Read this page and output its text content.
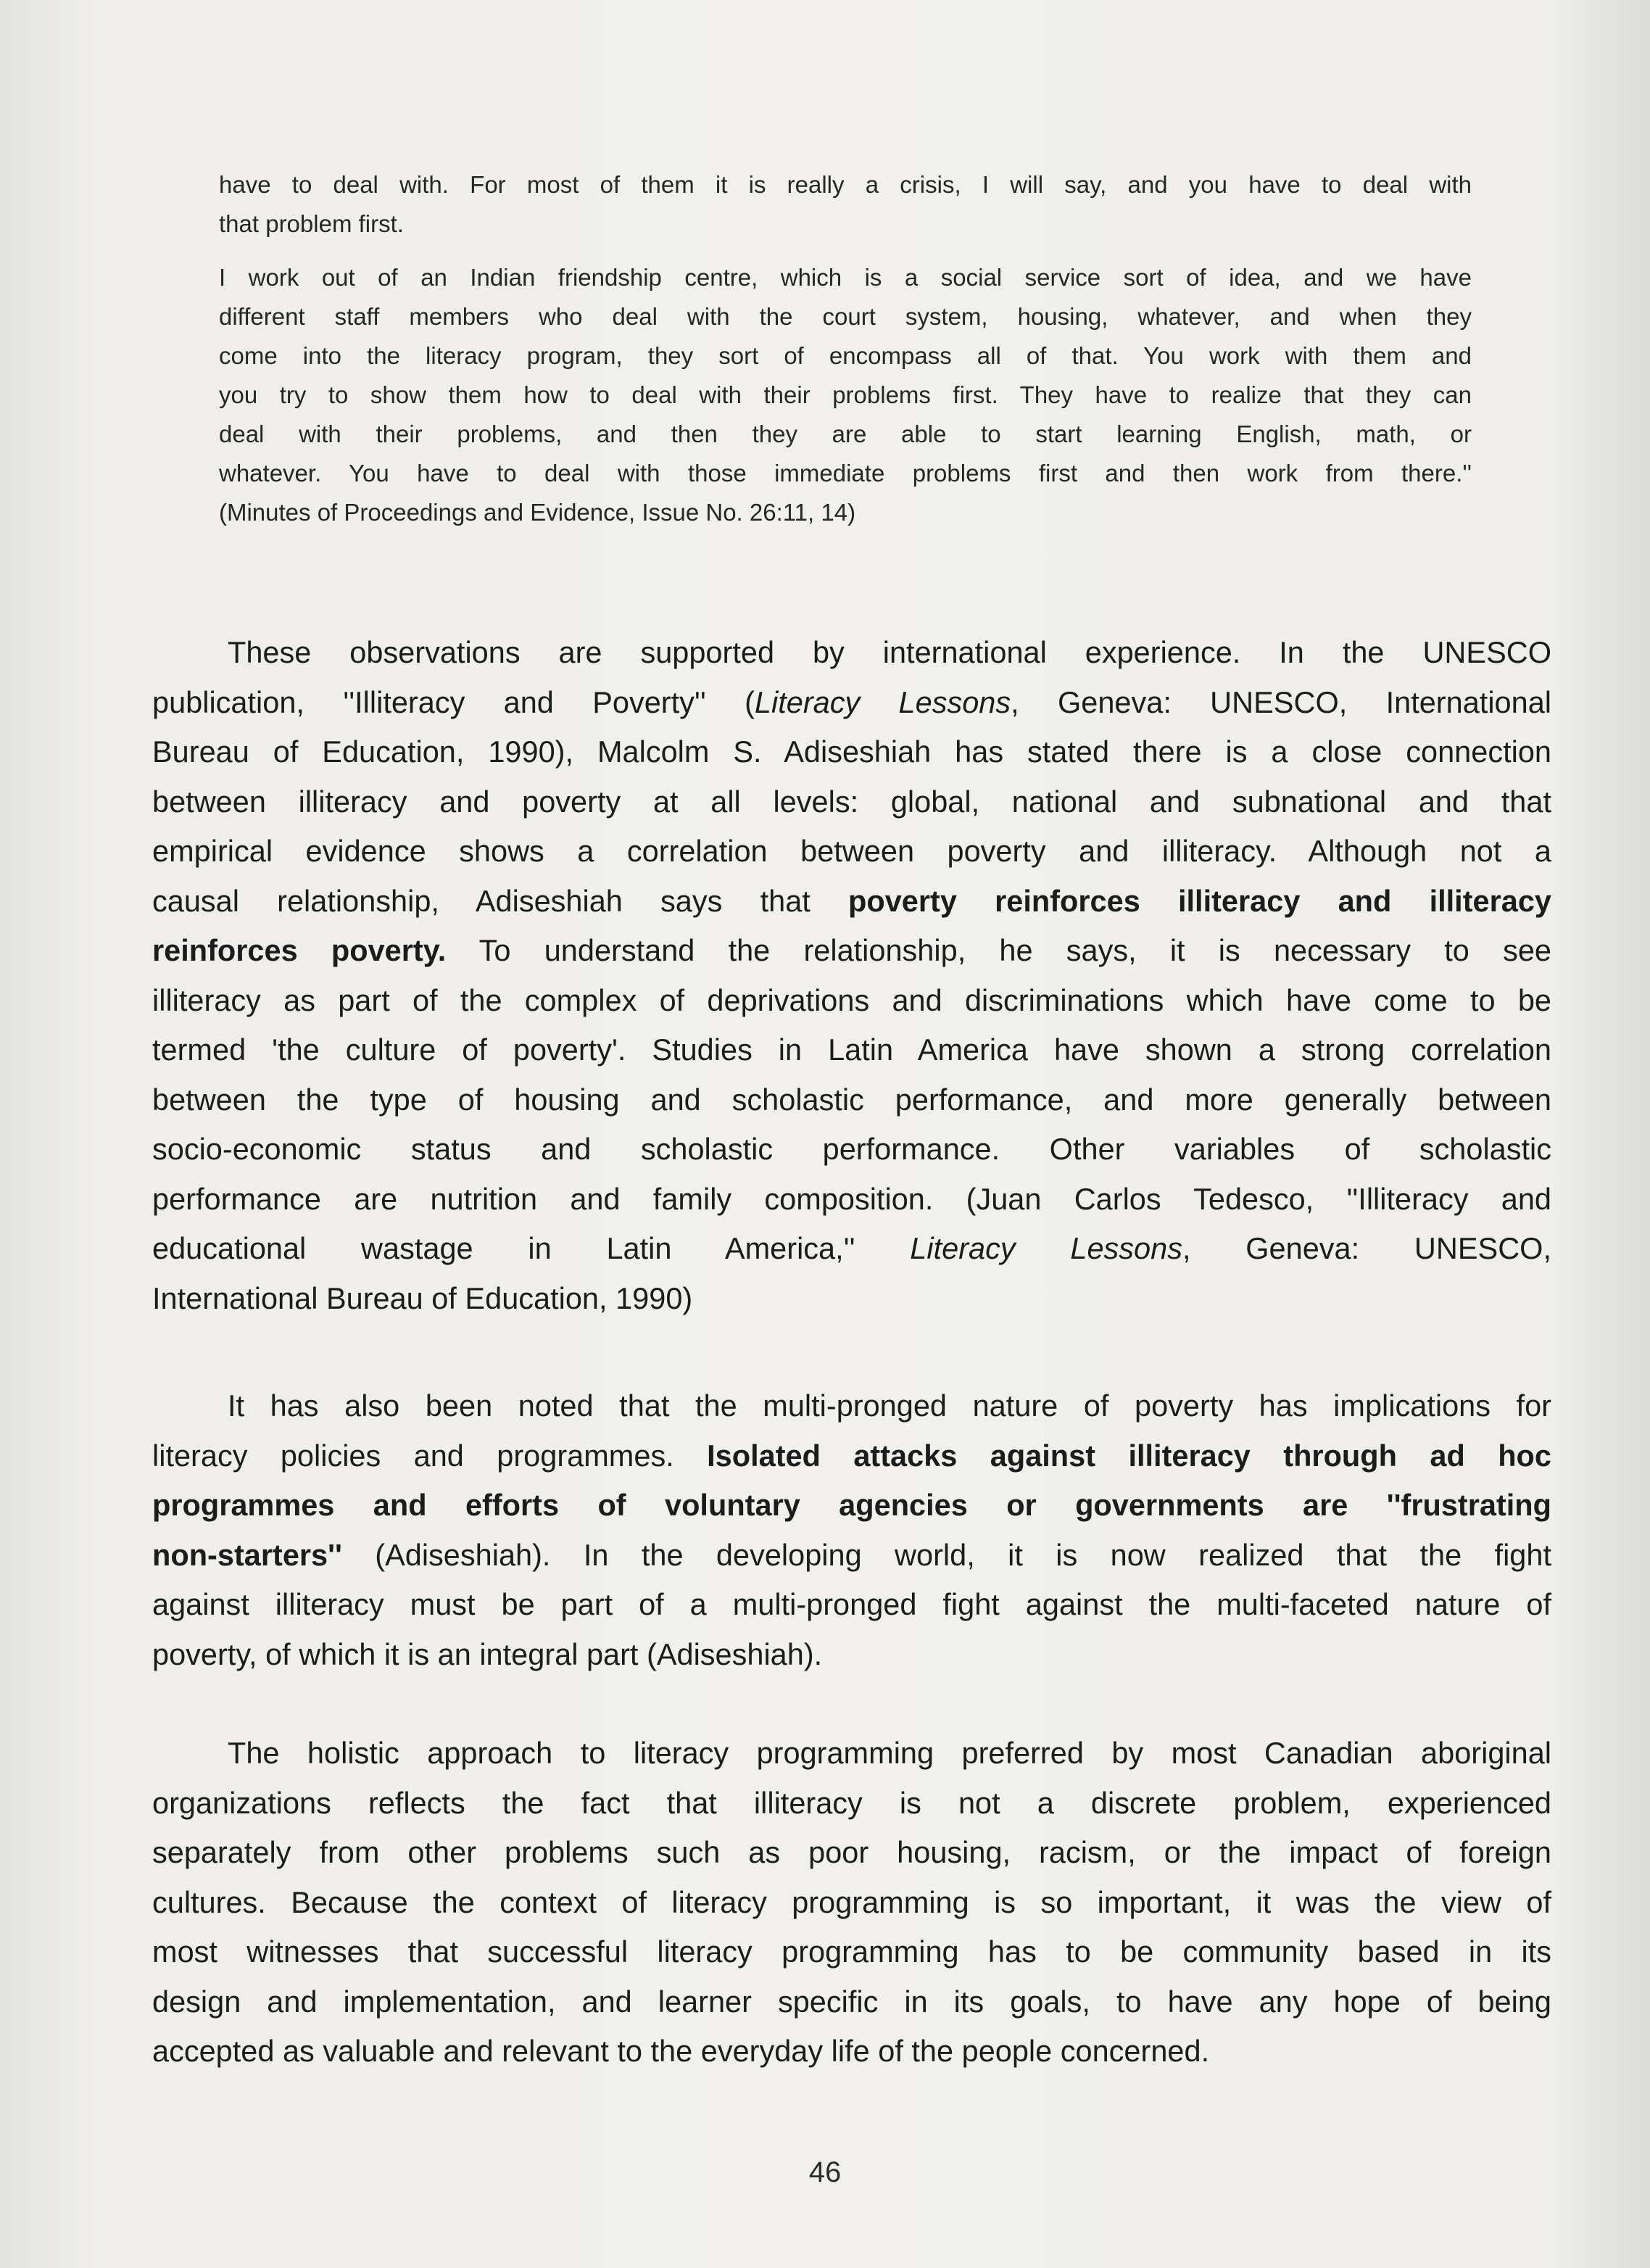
have to deal with. For most of them it is really a crisis, I will say, and you have to deal with
that problem first.
I work out of an Indian friendship centre, which is a social service sort of idea, and we have
different staff members who deal with the court system, housing, whatever, and when they
come into the literacy program, they sort of encompass all of that. You work with them and
you try to show them how to deal with their problems first. They have to realize that they can
deal with their problems, and then they are able to start learning English, math, or
whatever. You have to deal with those immediate problems first and then work from there.''
(Minutes of Proceedings and Evidence, Issue No. 26:11, 14)
These observations are supported by international experience. In the UNESCO
publication, ''Illiteracy and Poverty'' (Literacy Lessons, Geneva: UNESCO, International
Bureau of Education, 1990), Malcolm S. Adiseshiah has stated there is a close connection
between illiteracy and poverty at all levels: global, national and subnational and that
empirical evidence shows a correlation between poverty and illiteracy. Although not a
causal relationship, Adiseshiah says that poverty reinforces illiteracy and illiteracy
reinforces poverty. To understand the relationship, he says, it is necessary to see
illiteracy as part of the complex of deprivations and discriminations which have come to be
termed 'the culture of poverty'. Studies in Latin America have shown a strong correlation
between the type of housing and scholastic performance, and more generally between
socio-economic status and scholastic performance. Other variables of scholastic
performance are nutrition and family composition. (Juan Carlos Tedesco, ''Illiteracy and
educational wastage in Latin America,'' Literacy Lessons, Geneva: UNESCO,
International Bureau of Education, 1990)
It has also been noted that the multi-pronged nature of poverty has implications for
literacy policies and programmes. Isolated attacks against illiteracy through ad hoc
programmes and efforts of voluntary agencies or governments are ''frustrating
non-starters'' (Adiseshiah). In the developing world, it is now realized that the fight
against illiteracy must be part of a multi-pronged fight against the multi-faceted nature of
poverty, of which it is an integral part (Adiseshiah).
The holistic approach to literacy programming preferred by most Canadian aboriginal
organizations reflects the fact that illiteracy is not a discrete problem, experienced
separately from other problems such as poor housing, racism, or the impact of foreign
cultures. Because the context of literacy programming is so important, it was the view of
most witnesses that successful literacy programming has to be community based in its
design and implementation, and learner specific in its goals, to have any hope of being
accepted as valuable and relevant to the everyday life of the people concerned.
46
